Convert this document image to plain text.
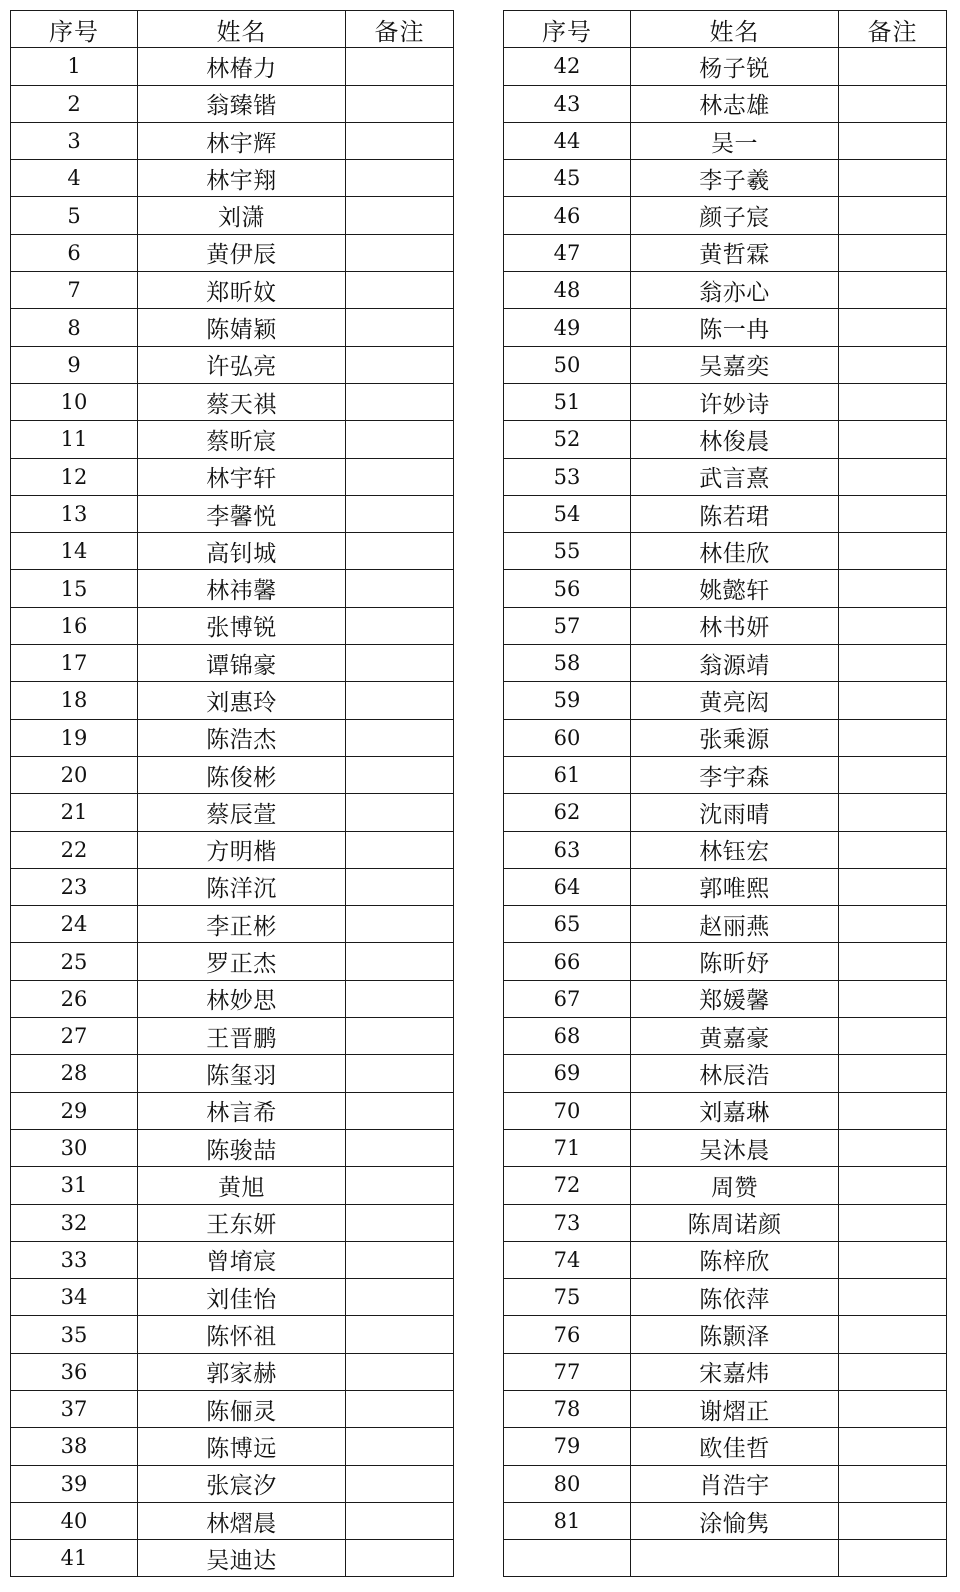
序号	姓名	备注
1	林椿力	
2	翁臻锴	
3	林宇辉	
4	林宇翔	
5	刘潇	
6	黄伊辰	
7	郑昕妏	
8	陈婧颖	
9	许弘亮	
10	蔡天祺	
11	蔡昕宸	
12	林宇轩	
13	李馨悦	
14	高钊城	
15	林祎馨	
16	张博锐	
17	谭锦豪	
18	刘惠玲	
19	陈浩杰	
20	陈俊彬	
21	蔡辰萱	
22	方明楷	
23	陈洋沉	
24	李正彬	
25	罗正杰	
26	林妙思	
27	王晋鹏	
28	陈玺羽	
29	林言希	
30	陈骏喆	
31	黄旭	
32	王东妍	
33	曾堉宸	
34	刘佳怡	
35	陈怀祖	
36	郭家赫	
37	陈俪灵	
38	陈博远	
39	张宸汐	
40	林熠晨	
41	吴迪达	
序号	姓名	备注
42	杨子锐	
43	林志雄	
44	吴一	
45	李子羲	
46	颜子宸	
47	黄哲霖	
48	翁亦心	
49	陈一冉	
50	吴嘉奕	
51	许妙诗	
52	林俊晨	
53	武言熹	
54	陈若珺	
55	林佳欣	
56	姚懿轩	
57	林书妍	
58	翁源靖	
59	黄亮闳	
60	张乘源	
61	李宇森	
62	沈雨晴	
63	林钰宏	
64	郭唯熙	
65	赵丽燕	
66	陈昕妤	
67	郑媛馨	
68	黄嘉豪	
69	林辰浩	
70	刘嘉琳	
71	吴沐晨	
72	周赞	
73	陈周诺颜	
74	陈梓欣	
75	陈依萍	
76	陈颢泽	
77	宋嘉炜	
78	谢熠正	
79	欧佳哲	
80	肖浩宇	
81	涂愉隽	
